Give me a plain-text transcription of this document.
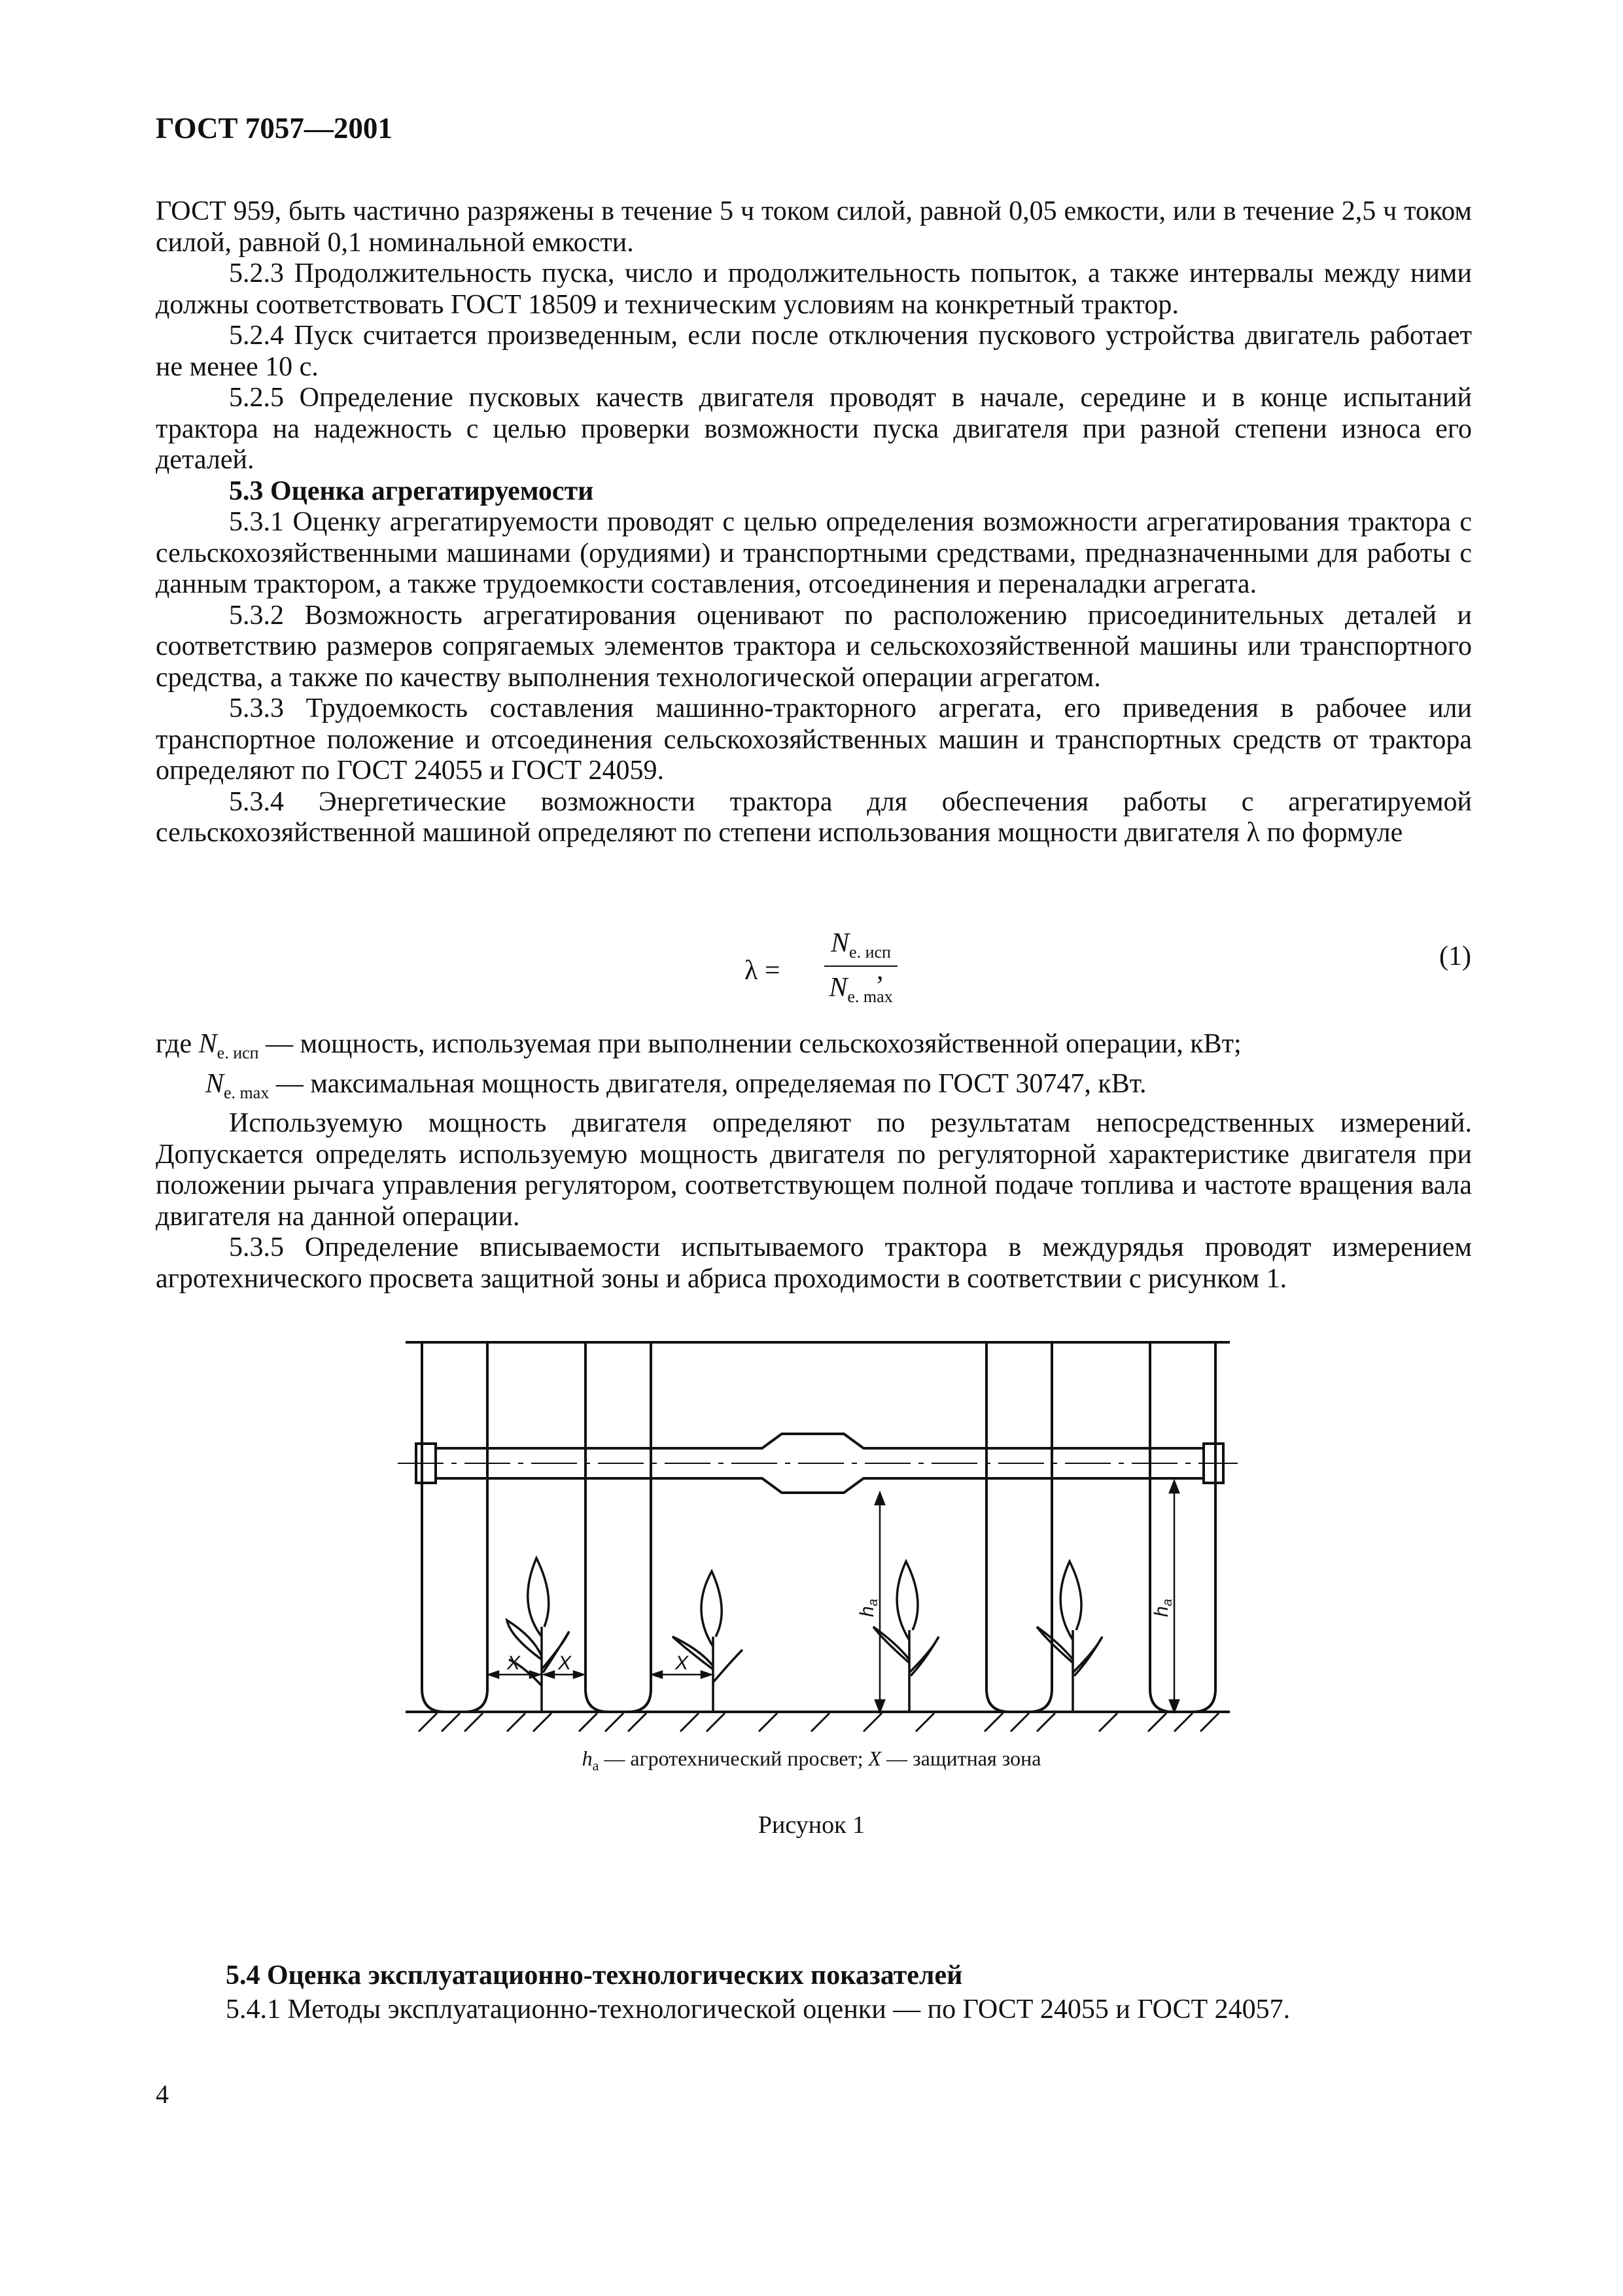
ГОСТ 7057—2001

ГОСТ 959, быть частично разряжены в течение 5 ч током силой, равной 0,05 емкости, или в течение 2,5 ч током силой, равной 0,1 номинальной емкости.

5.2.3 Продолжительность пуска, число и продолжительность попыток, а также интервалы между ними должны соответствовать ГОСТ 18509 и техническим условиям на конкретный трактор.

5.2.4 Пуск считается произведенным, если после отключения пускового устройства двигатель работает не менее 10 с.

5.2.5 Определение пусковых качеств двигателя проводят в начале, середине и в конце испытаний трактора на надежность с целью проверки возможности пуска двигателя при разной степени износа его деталей.

5.3 Оценка агрегатируемости

5.3.1 Оценку агрегатируемости проводят с целью определения возможности агрегатирования трактора с сельскохозяйственными машинами (орудиями) и транспортными средствами, предназначенными для работы с данным трактором, а также трудоемкости составления, отсоединения и переналадки агрегата.

5.3.2 Возможность агрегатирования оценивают по расположению присоединительных деталей и соответствию размеров сопрягаемых элементов трактора и сельскохозяйственной машины или транспортного средства, а также по качеству выполнения технологической операции агрегатом.

5.3.3 Трудоемкость составления машинно-тракторного агрегата, его приведения в рабочее или транспортное положение и отсоединения сельскохозяйственных машин и транспортных средств от трактора определяют по ГОСТ 24055 и ГОСТ 24059.

5.3.4 Энергетические возможности трактора для обеспечения работы с агрегатируемой сельскохозяйственной машиной определяют по степени использования мощности двигателя λ по формуле

λ =
$N_{е. исп}$
$N_{е. max}$
,	(1)

где $N_{е. исп}$ — мощность, используемая при выполнении сельскохозяйственной операции, кВт;

$N_{е. max}$ — максимальная мощность двигателя, определяемая по ГОСТ 30747, кВт.

Используемую мощность двигателя определяют по результатам непосредственных измерений. Допускается определять используемую мощность двигателя по регуляторной характеристике двигателя при положении рычага управления регулятором, соответствующем полной подаче топлива и частоте вращения вала двигателя на данной операции.

5.3.5 Определение вписываемости испытываемого трактора в междурядья проводят измерением агротехнического просвета защитной зоны и абриса проходимости в соответствии с рисунком 1.

$h_a$
$h_a$
X X	X
$h_a$ — агротехнический просвет; X — защитная зона
Рисунок 1
5.4 Оценка эксплуатационно-технологических показателей
5.4.1 Методы эксплуатационно-технологической оценки — по ГОСТ 24055 и ГОСТ 24057.
4
